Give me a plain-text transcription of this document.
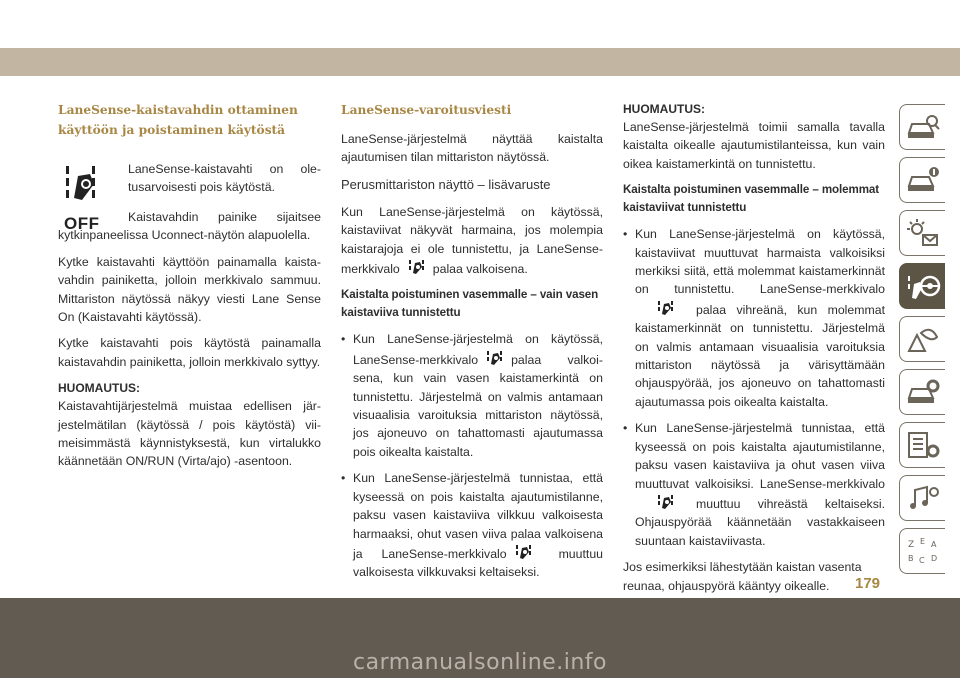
LaneSense-kaistavahdin ottaminen käyttöön ja poistaminen käytöstä
OFF

LaneSense-kaistavahti on oletusarvoisesti pois käytöstä.

Kaistavahdin painike sijaitsee kytkinpaneelissa Uconnect-näytön alapuolella.

Kytke kaistavahti käyttöön painamalla kaistavahdin painiketta, jolloin merkkivalo sammuu. Mittariston näytössä näkyy viesti Lane Sense On (Kaistavahti käytössä).

Kytke kaistavahti pois käytöstä painamalla kaistavahdin painiketta, jolloin merkkivalo syttyy.

HUOMAUTUS:

Kaistavahtijärjestelmä muistaa edellisen järjestelmätilan (käytössä / pois käytöstä) viimeisimmästä käynnistyksestä, kun virtalukko käännetään ON/RUN (Virta/ajo) -asentoon.

LaneSense-varoitusviesti

LaneSense-järjestelmä näyttää kaistalta ajautumisen tilan mittariston näytössä.

Perusmittariston näyttö – lisävaruste

Kun LaneSense-järjestelmä on käytössä, kaistaviivat näkyvät harmaina, jos molempia kaistarajoja ei ole tunnistettu, ja LaneSense-merkkivalo	palaa valkoisena.

Kaistalta poistuminen vasemmalle – vain vasen kaistaviiva tunnistettu

• Kun LaneSense-järjestelmä on käytössä, LaneSense-merkkivalo	palaa valkoisena, kun vain vasen kaistamerkintä on tunnistettu. Järjestelmä on valmis antamaan visuaalisia varoituksia mittariston näytössä, jos ajoneuvo on tahattomasti ajautumassa pois oikealta kaistalta.
• Kun LaneSense-järjestelmä tunnistaa, että kyseessä on pois kaistalta ajautumistilanne, paksu vasen kaistaviiva vilkkuu valkoisesta harmaaksi, ohut vasen viiva palaa valkoisena ja LaneSense-merkkivalo	muuttuu valkoisesta vilkkuvaksi keltaiseksi.
HUOMAUTUS:

LaneSense-järjestelmä toimii samalla tavalla kaistalta oikealle ajautumistilanteissa, kun vain oikea kaistamerkintä on tunnistettu.

Kaistalta poistuminen vasemmalle – molemmat kaistaviivat tunnistettu

• Kun LaneSense-järjestelmä on käytössä, kaistaviivat muuttuvat harmaista valkoisiksi merkiksi siitä, että molemmat kaistamerkinnät on tunnistettu. LaneSense-merkkivalopalaa vihreänä, kun molemmat kaistamerkinnät on tunnistettu. Järjestelmä on valmis antamaan visuaalisia varoituksia mittariston näytössä ja värisyttämään ohjauspyörää, jos ajoneuvo on tahattomasti ajautumassa pois oikealta kaistalta.
• Kun LaneSense-järjestelmä tunnistaa, että kyseessä on pois kaistalta ajautumistilanne, paksu vasen kaistaviiva ja ohut vasen viiva muuttuvat valkoisiksi. LaneSense-merkkivalomuuttuu vihreästä keltaiseksi. Ohjauspyörää käännetään vastakkaiseen suuntaan kaistaviivasta.

Jos esimerkiksi lähestytään kaistan vasenta reunaa, ohjauspyörä kääntyy oikealle.

Z E A
B C D
179
carmanualsonline.info
